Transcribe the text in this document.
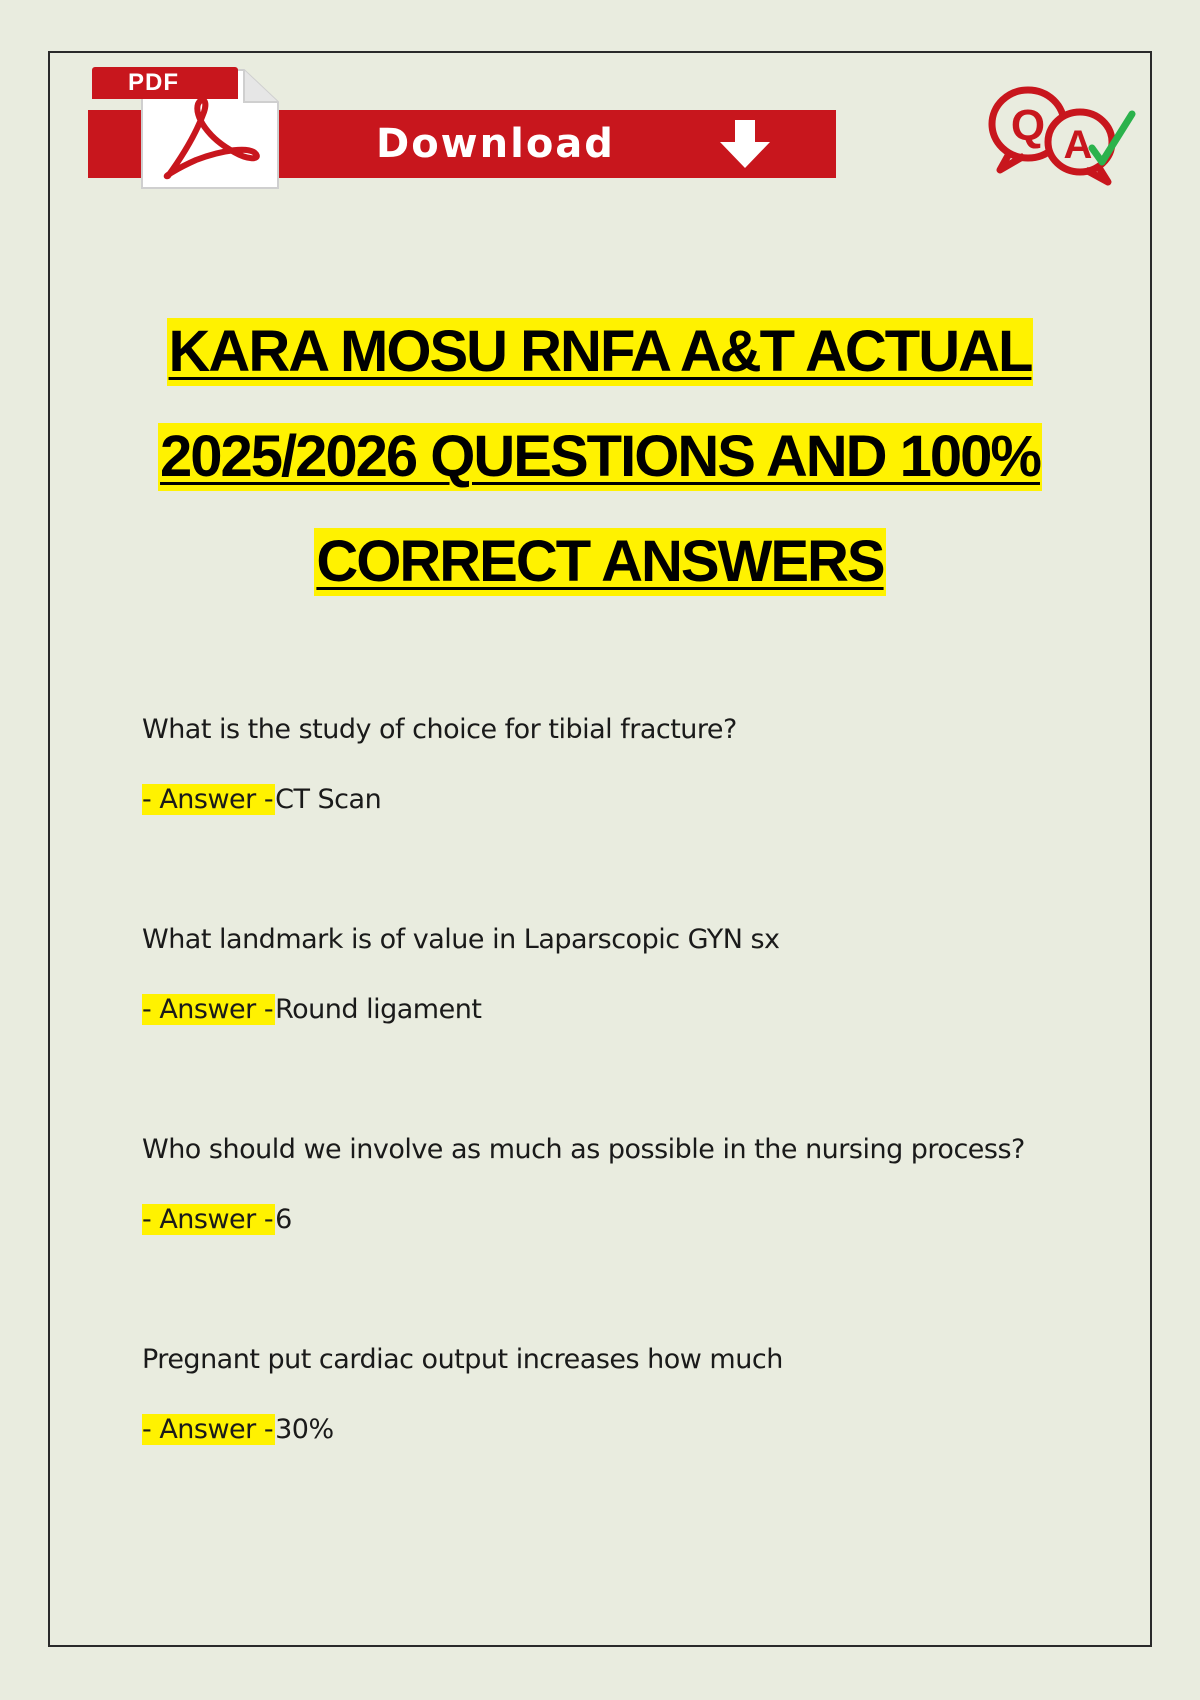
PDF
Download	Q A
KARA MOSU RNFA A&T ACTUAL
2025/2026 QUESTIONS AND 100%
CORRECT ANSWERS
What is the study of choice for tibial fracture?
- Answer -CT Scan
What landmark is of value in Laparscopic GYN sx
- Answer -Round ligament
Who should we involve as much as possible in the nursing process?
- Answer -6
Pregnant put cardiac output increases how much
- Answer -30%
